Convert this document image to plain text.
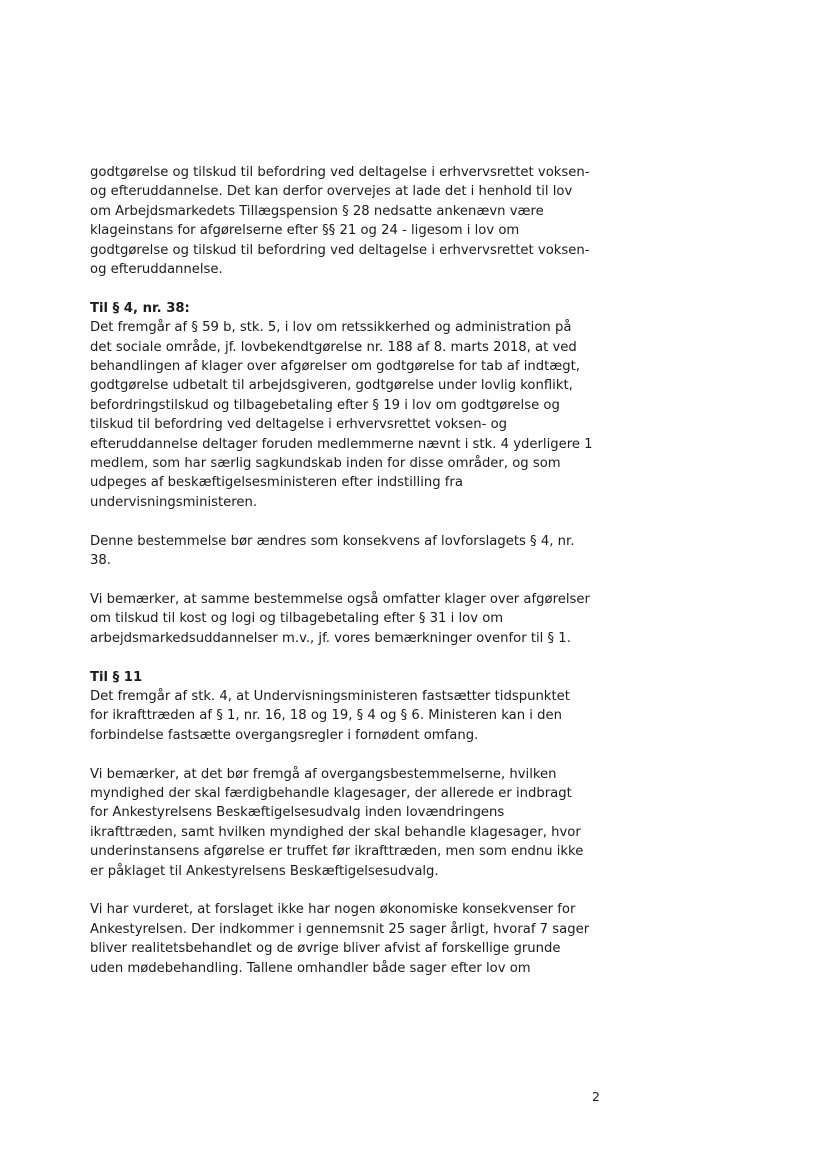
godtgørelse og tilskud til befordring ved deltagelse i erhvervsrettet voksen-
og efteruddannelse. Det kan derfor overvejes at lade det i henhold til lov
om Arbejdsmarkedets Tillægspension § 28 nedsatte ankenævn være
klageinstans for afgørelserne efter §§ 21 og 24 - ligesom i lov om
godtgørelse og tilskud til befordring ved deltagelse i erhvervsrettet voksen-
og efteruddannelse.
Til § 4, nr. 38:
Det fremgår af § 59 b, stk. 5, i lov om retssikkerhed og administration på
det sociale område, jf. lovbekendtgørelse nr. 188 af 8. marts 2018, at ved
behandlingen af klager over afgørelser om godtgørelse for tab af indtægt,
godtgørelse udbetalt til arbejdsgiveren, godtgørelse under lovlig konflikt,
befordringstilskud og tilbagebetaling efter § 19 i lov om godtgørelse og
tilskud til befordring ved deltagelse i erhvervsrettet voksen- og
efteruddannelse deltager foruden medlemmerne nævnt i stk. 4 yderligere 1
medlem, som har særlig sagkundskab inden for disse områder, og som
udpeges af beskæftigelsesministeren efter indstilling fra
undervisningsministeren.
Denne bestemmelse bør ændres som konsekvens af lovforslagets § 4, nr.
38.
Vi bemærker, at samme bestemmelse også omfatter klager over afgørelser
om tilskud til kost og logi og tilbagebetaling efter § 31 i lov om
arbejdsmarkedsuddannelser m.v., jf. vores bemærkninger ovenfor til § 1.
Til § 11
Det fremgår af stk. 4, at Undervisningsministeren fastsætter tidspunktet
for ikrafttræden af § 1, nr. 16, 18 og 19, § 4 og § 6. Ministeren kan i den
forbindelse fastsætte overgangsregler i fornødent omfang.
Vi bemærker, at det bør fremgå af overgangsbestemmelserne, hvilken
myndighed der skal færdigbehandle klagesager, der allerede er indbragt
for Ankestyrelsens Beskæftigelsesudvalg inden lovændringens
ikrafttræden, samt hvilken myndighed der skal behandle klagesager, hvor
underinstansens afgørelse er truffet før ikrafttræden, men som endnu ikke
er påklaget til Ankestyrelsens Beskæftigelsesudvalg.
Vi har vurderet, at forslaget ikke har nogen økonomiske konsekvenser for
Ankestyrelsen. Der indkommer i gennemsnit 25 sager årligt, hvoraf 7 sager
bliver realitetsbehandlet og de øvrige bliver afvist af forskellige grunde
uden mødebehandling. Tallene omhandler både sager efter lov om
2
